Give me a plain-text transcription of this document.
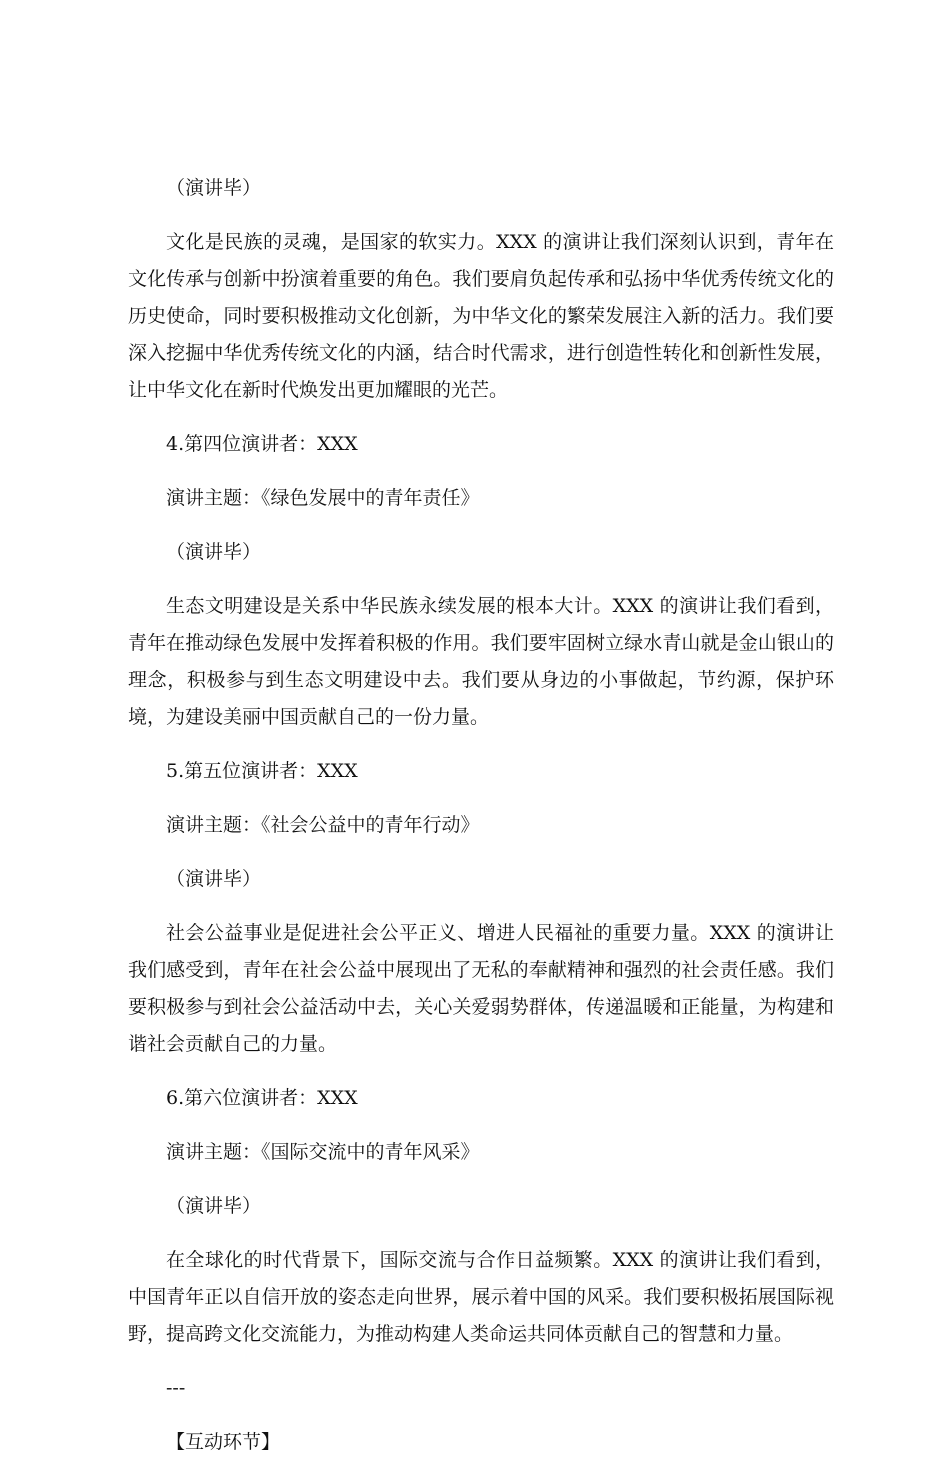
（演讲毕）

文化是民族的灵魂，是国家的软实力。XXX 的演讲让我们深刻认识到，青年在文化传承与创新中扮演着重要的角色。我们要肩负起传承和弘扬中华优秀传统文化的历史使命，同时要积极推动文化创新，为中华文化的繁荣发展注入新的活力。我们要深入挖掘中华优秀传统文化的内涵，结合时代需求，进行创造性转化和创新性发展，让中华文化在新时代焕发出更加耀眼的光芒。

4.第四位演讲者：XXX

演讲主题：《绿色发展中的青年责任》

（演讲毕）

生态文明建设是关系中华民族永续发展的根本大计。XXX 的演讲让我们看到，青年在推动绿色发展中发挥着积极的作用。我们要牢固树立绿水青山就是金山银山的理念，积极参与到生态文明建设中去。我们要从身边的小事做起，节约源，保护环境，为建设美丽中国贡献自己的一份力量。

5.第五位演讲者：XXX

演讲主题：《社会公益中的青年行动》

（演讲毕）

社会公益事业是促进社会公平正义、增进人民福祉的重要力量。XXX 的演讲让我们感受到，青年在社会公益中展现出了无私的奉献精神和强烈的社会责任感。我们要积极参与到社会公益活动中去，关心关爱弱势群体，传递温暖和正能量，为构建和谐社会贡献自己的力量。

6.第六位演讲者：XXX

演讲主题：《国际交流中的青年风采》

（演讲毕）

在全球化的时代背景下，国际交流与合作日益频繁。XXX 的演讲让我们看到，中国青年正以自信开放的姿态走向世界，展示着中国的风采。我们要积极拓展国际视野，提高跨文化交流能力，为推动构建人类命运共同体贡献自己的智慧和力量。

---

【互动环节】
